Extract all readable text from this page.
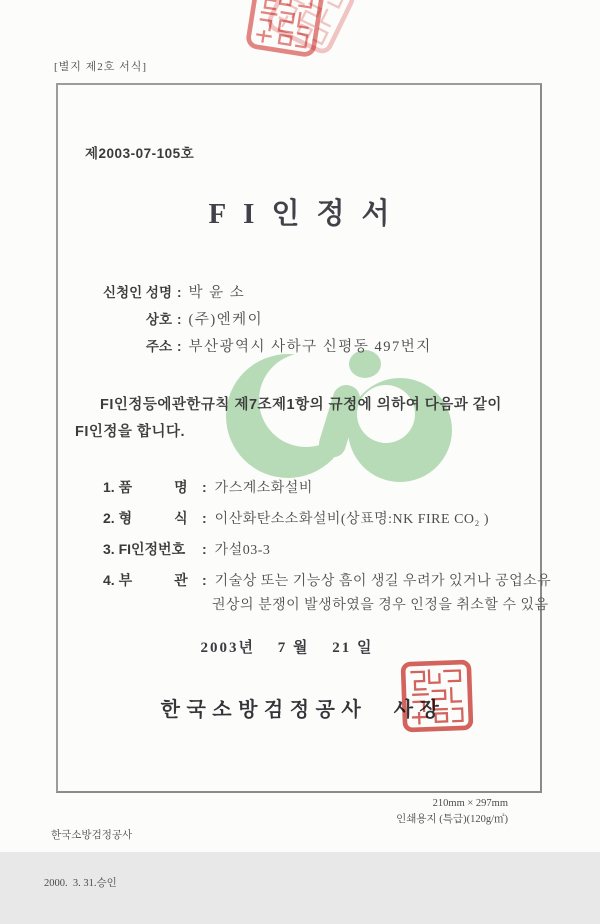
[별지 제2호 서식]
제2003-07-105호
FI인정서
신청인 성명 : 박 윤 소
상호 : (주)엔케이
주소 : 부산광역시 사하구 신평동 497번지
FI인정등에관한규칙 제7조제1항의 규정에 의하여 다음과 같이
FI인정을 합니다.
1. 품　　　명	: 가스계소화설비
2. 형　　　식	: 이산화탄소소화설비(상표명:NK FIRE CO₂ )
3. FI인정번호	: 가설03-3
4. 부　　　관	: 기술상 또는 기능상 흠이 생길 우려가 있거나 공업소유
권상의 분쟁이 발생하였을 경우 인정을 취소할 수 있음
2003년　 7 월　 21 일
한국소방검정공사　사장

한국소방검정공사

2000.  3. 31.승인

210mm × 297mm
인쇄용지 (특급)(120g/㎡)
